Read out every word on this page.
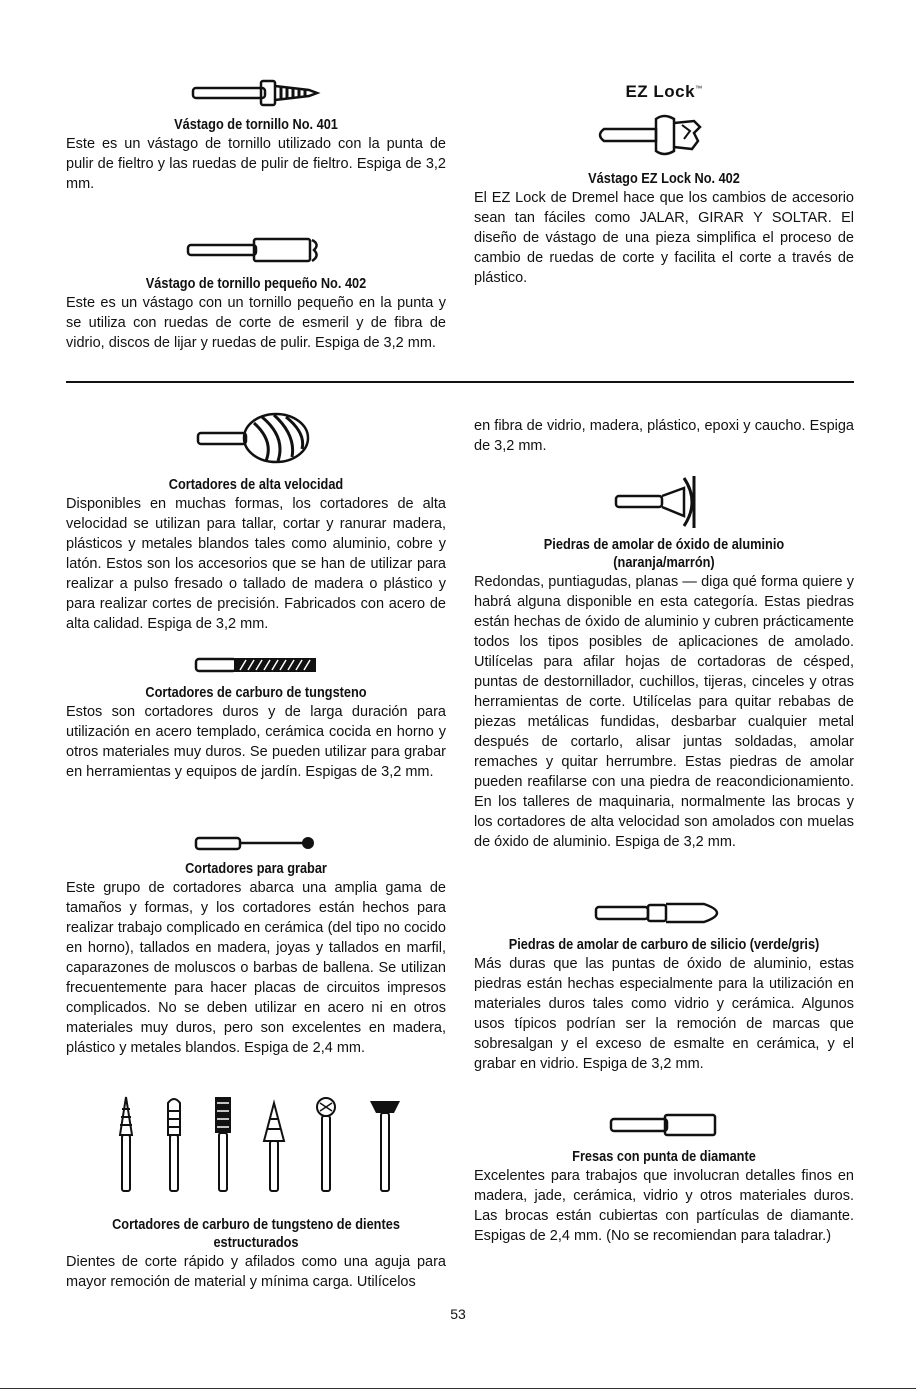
Vástago de tornillo No. 401

Este es un vástago de tornillo utilizado con la punta de pulir de fieltro y las ruedas de pulir de fieltro. Espiga de 3,2 mm.

Vástago de tornillo pequeño No. 402

Este es un vástago con un tornillo pequeño en la punta y se utiliza con ruedas de corte de esmeril y de fibra de vidrio, discos de lijar y ruedas de pulir. Espiga de 3,2 mm.

EZ Lock™
Vástago EZ Lock No. 402

El EZ Lock de Dremel hace que los cambios de accesorio sean tan fáciles como JALAR, GIRAR Y SOLTAR. El diseño de vástago de una pieza simplifica el proceso de cambio de ruedas de corte y facilita el corte a través de plástico.

Cortadores de alta velocidad

Disponibles en muchas formas, los cortadores de alta velocidad se utilizan para tallar, cortar y ranurar madera, plásticos y metales blandos tales como aluminio, cobre y latón. Estos son los accesorios que se han de utilizar para realizar a pulso fresado o tallado de madera o plástico y para realizar cortes de precisión. Fabricados con acero de alta calidad. Espiga de 3,2 mm.

Cortadores de carburo de tungsteno

Estos son cortadores duros y de larga duración para utilización en acero templado, cerámica cocida en horno y otros materiales muy duros. Se pueden utilizar para grabar en herramientas y equipos de jardín. Espigas de 3,2 mm.

Cortadores para grabar

Este grupo de cortadores abarca una amplia gama de tamaños y formas, y los cortadores están hechos para realizar trabajo complicado en cerámica (del tipo no cocido en horno), tallados en madera, joyas y tallados en marfil, caparazones de moluscos o barbas de ballena. Se utilizan frecuentemente para hacer placas de circuitos impresos complicados. No se deben utilizar en acero ni en otros materiales muy duros, pero son excelentes en madera, plástico y metales blandos. Espiga de 2,4 mm.

Cortadores de carburo de tungsteno de dientes estructurados

Dientes de corte rápido y afilados como una aguja para mayor remoción de material y mínima carga. Utilícelos

en fibra de vidrio, madera, plástico, epoxi y caucho. Espiga de 3,2 mm.

Piedras de amolar de óxido de aluminio (naranja/marrón)

Redondas, puntiagudas, planas — diga qué forma quiere y habrá alguna disponible en esta categoría. Estas piedras están hechas de óxido de aluminio y cubren prácticamente todos los tipos posibles de aplicaciones de amolado. Utilícelas para afilar hojas de cortadoras de césped, puntas de destornillador, cuchillos, tijeras, cinceles y otras herramientas de corte. Utilícelas para quitar rebabas de piezas metálicas fundidas, desbarbar cualquier metal después de cortarlo, alisar juntas soldadas, amolar remaches y quitar herrumbre. Estas piedras de amolar pueden reafilarse con una piedra de reacondicionamiento. En los talleres de maquinaria, normalmente las brocas y los cortadores de alta velocidad son amolados con muelas de óxido de aluminio. Espiga de 3,2 mm.

Piedras de amolar de carburo de silicio (verde/gris)

Más duras que las puntas de óxido de aluminio, estas piedras están hechas especialmente para la utilización en materiales duros tales como vidrio y cerámica. Algunos usos típicos podrían ser la remoción de marcas que sobresalgan y el exceso de esmalte en cerámica, y el grabar en vidrio. Espiga de 3,2 mm.

Fresas con punta de diamante

Excelentes para trabajos que involucran detalles finos en madera, jade, cerámica, vidrio y otros materiales duros. Las brocas están cubiertas con partículas de diamante. Espigas de 2,4 mm. (No se recomiendan para taladrar.)

53
